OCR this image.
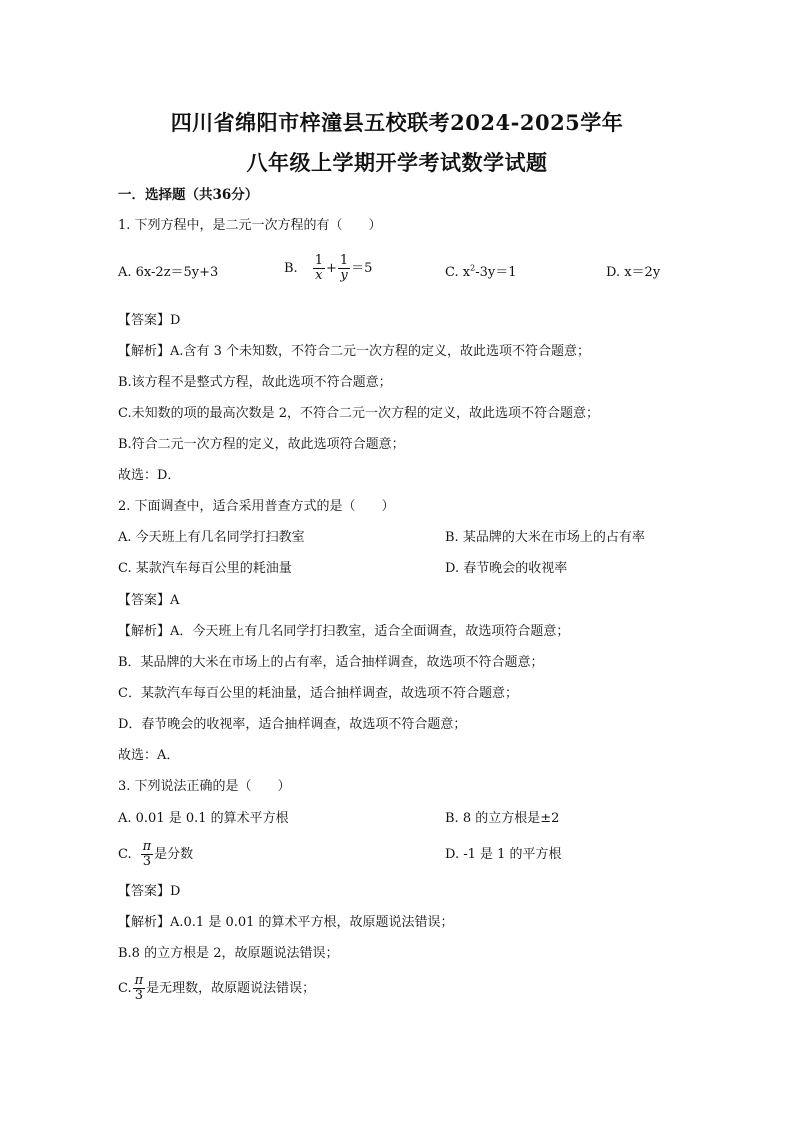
四川省绵阳市梓潼县五校联考2024-2025学年
八年级上学期开学考试数学试题
一．选择题（共36分）
1. 下列方程中，是二元一次方程的有（　　）
A. 6x-2z＝5y+3	B. $\frac{1}{x} + \frac{1}{y} =5$	C. $x^2-3y=1$	D. x＝2y
【答案】D
【解析】A.含有 3 个未知数，不符合二元一次方程的定义，故此选项不符合题意；
B.该方程不是整式方程，故此选项不符合题意；
C.未知数的项的最高次数是 2，不符合二元一次方程的定义，故此选项不符合题意；
B.符合二元一次方程的定义，故此选项符合题意；
故选：D．
2. 下面调查中，适合采用普查方式的是（　　）
A. 今天班上有几名同学打扫教室	B. 某品牌的大米在市场上的占有率
C. 某款汽车每百公里的耗油量	D. 春节晚会的收视率
【答案】A
【解析】A．今天班上有几名同学打扫教室，适合全面调查，故选项符合题意；
B．某品牌的大米在市场上的占有率，适合抽样调查，故选项不符合题意；
C．某款汽车每百公里的耗油量，适合抽样调查，故选项不符合题意；
D．春节晚会的收视率，适合抽样调查，故选项不符合题意；
故选：A．
3. 下列说法正确的是（　　）
A. 0.01 是 0.1 的算术平方根	B. 8 的立方根是±2
C. $\frac{\pi}{3}$ 是分数	D. -1 是 1 的平方根
【答案】D
【解析】A.0.1 是 0.01 的算术平方根，故原题说法错误；
B.8 的立方根是 2，故原题说法错误；
C. $\frac{\pi}{3}$ 是无理数，故原题说法错误；
